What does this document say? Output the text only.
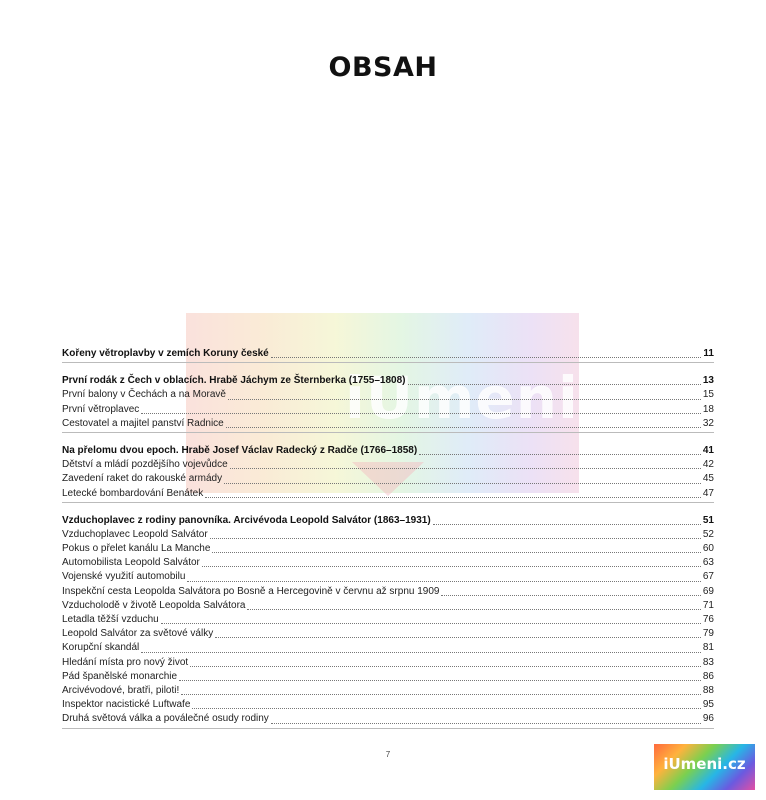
iUmeni.cz
OBSAH
Kořeny větroplavby v zemích Koruny české	11
První rodák z Čech v oblacích. Hrabě Jáchym ze Šternberka (1755–1808)	13
První balony v Čechách a na Moravě	15
První větroplavec	18
Cestovatel a majitel panství Radnice	32
Na přelomu dvou epoch. Hrabě Josef Václav Radecký z Radče (1766–1858)	41
Dětství a mládí pozdějšího vojevůdce	42
Zavedení raket do rakouské armády	45
Letecké bombardování Benátek	47
Vzduchoplavec z rodiny panovníka. Arcivévoda Leopold Salvátor (1863–1931)	51
Vzduchoplavec Leopold Salvátor	52
Pokus o přelet kanálu La Manche	60
Automobilista Leopold Salvátor	63
Vojenské využití automobilu	67
Inspekční cesta Leopolda Salvátora po Bosně a Hercegovině v červnu až srpnu 1909	69
Vzducholodě v životě Leopolda Salvátora	71
Letadla těžší vzduchu	76
Leopold Salvátor za světové války	79
Korupční skandál	81
Hledání místa pro nový život	83
Pád španělské monarchie	86
Arcivévodové, bratři, piloti!	88
Inspektor nacistické Luftwafe	95
Druhá světová válka a poválečné osudy rodiny	96
7
iUmeni.cz
